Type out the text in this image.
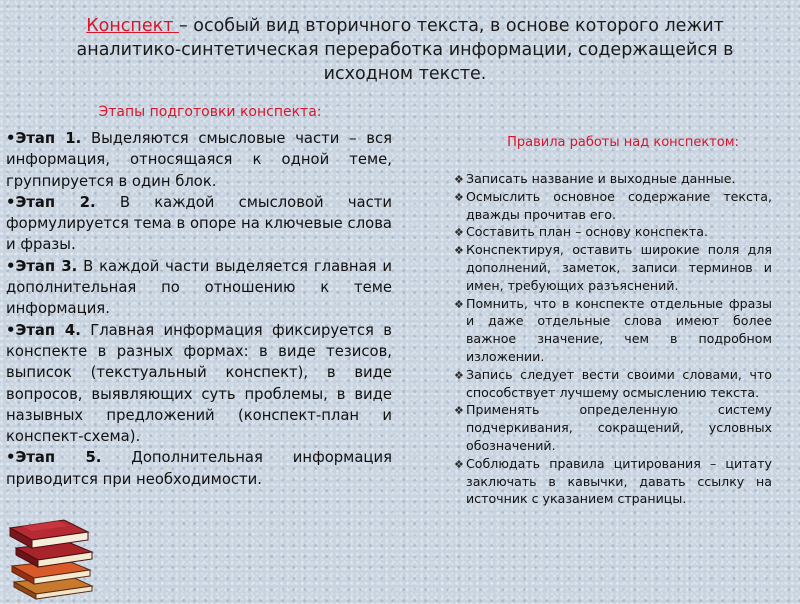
Конспект – особый вид вторичного текста, в основе которого лежит аналитико-синтетическая переработка информации, содержащейся в исходном тексте.
Этапы подготовки конспекта:

•Этап 1. Выделяются смысловые части – вся информация, относящаяся к одной теме, группируется в один блок.

•Этап 2. В каждой смысловой части формулируется тема в опоре на ключевые слова и фразы.

•Этап 3. В каждой части выделяется главная и дополнительная по отношению к теме информация.

•Этап 4. Главная информация фиксируется в конспекте в разных формах: в виде тезисов, выписок (текстуальный конспект), в виде вопросов, выявляющих суть проблемы, в виде назывных предложений (конспект-план и конспект-схема).

•Этап 5. Дополнительная информация приводится при необходимости.

Правила работы над конспектом:
❖ Записать название и выходные данные.
❖ Осмыслить основное содержание текста, дважды прочитав его.
❖ Составить план – основу конспекта.
❖ Конспектируя, оставить широкие поля для дополнений, заметок, записи терминов и имен, требующих разъяснений.
❖ Помнить, что в конспекте отдельные фразы и даже отдельные слова имеют более важное значение, чем в подробном изложении.
❖ Запись следует вести своими словами, что способствует лучшему осмыслению текста.
❖ Применять определенную систему подчеркивания, сокращений, условных обозначений.
❖ Соблюдать правила цитирования – цитату заключать в кавычки, давать ссылку на источник с указанием страницы.
